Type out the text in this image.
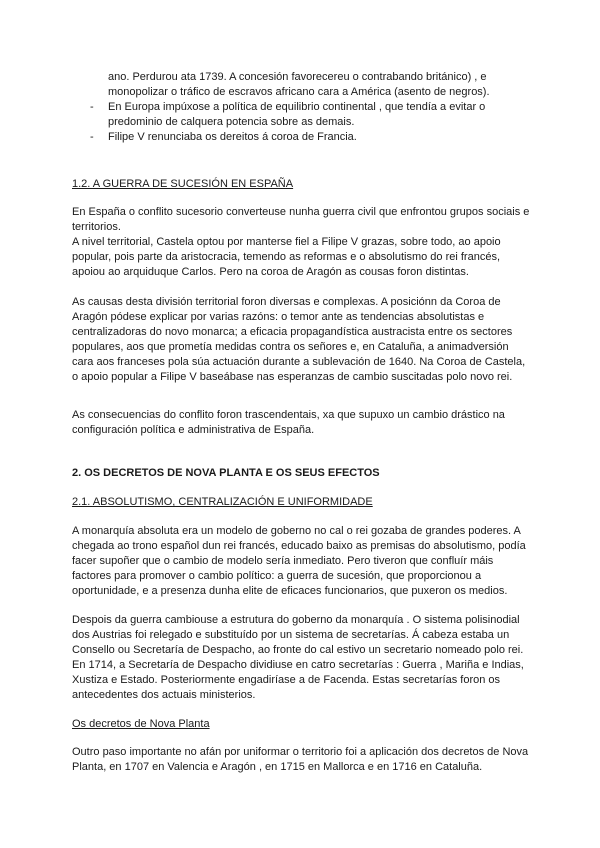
ano. Perdurou ata 1739. A concesión favorecereu o contrabando británico) , e monopolizar o tráfico de escravos africano cara a América (asento de negros).

- En Europa impúxose a política de equilibrio continental , que tendía a evitar o predominio de calquera potencia sobre as demais.

- Filipe V renunciaba os dereitos á coroa de Francia.

1.2. A GUERRA DE SUCESIÓN EN ESPAÑA

En España o conflito sucesorio converteuse nunha guerra civil que enfrontou grupos sociais e territorios.

A nivel territorial, Castela optou por manterse fiel a Filipe V grazas, sobre todo, ao apoio popular, pois parte da aristocracia, temendo as reformas e o absolutismo do rei francés, apoiou ao arquiduque Carlos. Pero na coroa de Aragón as cousas foron distintas.

As causas desta división territorial foron diversas e complexas. A posiciónn da Coroa de Aragón pódese explicar por varias razóns: o temor ante as tendencias absolutistas e centralizadoras do novo monarca; a eficacia propagandística austracista entre os sectores populares, aos que prometía medidas contra os señores e, en Cataluña, a animadversión cara aos franceses pola súa actuación durante a sublevación de 1640. Na Coroa de Castela, o apoio popular a Filipe V baseábase nas esperanzas de cambio suscitadas polo novo rei.

As consecuencias do conflito foron trascendentais, xa que supuxo un cambio drástico na configuración política e administrativa de España.

2. OS DECRETOS DE NOVA PLANTA E OS SEUS EFECTOS

2.1. ABSOLUTISMO, CENTRALIZACIÓN E UNIFORMIDADE

A monarquía absoluta era un modelo de goberno no cal o rei gozaba de grandes poderes. A chegada ao trono español dun rei francés, educado baixo as premisas do absolutismo, podía facer supoñer que o cambio de modelo sería inmediato. Pero tiveron que confluír máis factores para promover o cambio político: a guerra de sucesión, que proporcionou a oportunidade, e a presenza dunha elite de eficaces funcionarios, que puxeron os medios.

Despois da guerra cambiouse a estrutura do goberno da monarquía . O sistema polisinodial dos Austrias foi relegado e substituído por un sistema de secretarías. Á cabeza estaba un Consello ou Secretaría de Despacho, ao fronte do cal estivo un secretario nomeado polo rei. En 1714, a Secretaría de Despacho dividiuse en catro secretarías : Guerra , Mariña e Indias, Xustiza e Estado. Posteriormente engadiríase a de Facenda. Estas secretarías foron os antecedentes dos actuais ministerios.

Os decretos de Nova Planta

Outro paso importante no afán por uniformar o territorio foi a aplicación dos decretos de Nova Planta, en 1707 en Valencia e Aragón , en 1715 en Mallorca e en 1716 en Cataluña.
